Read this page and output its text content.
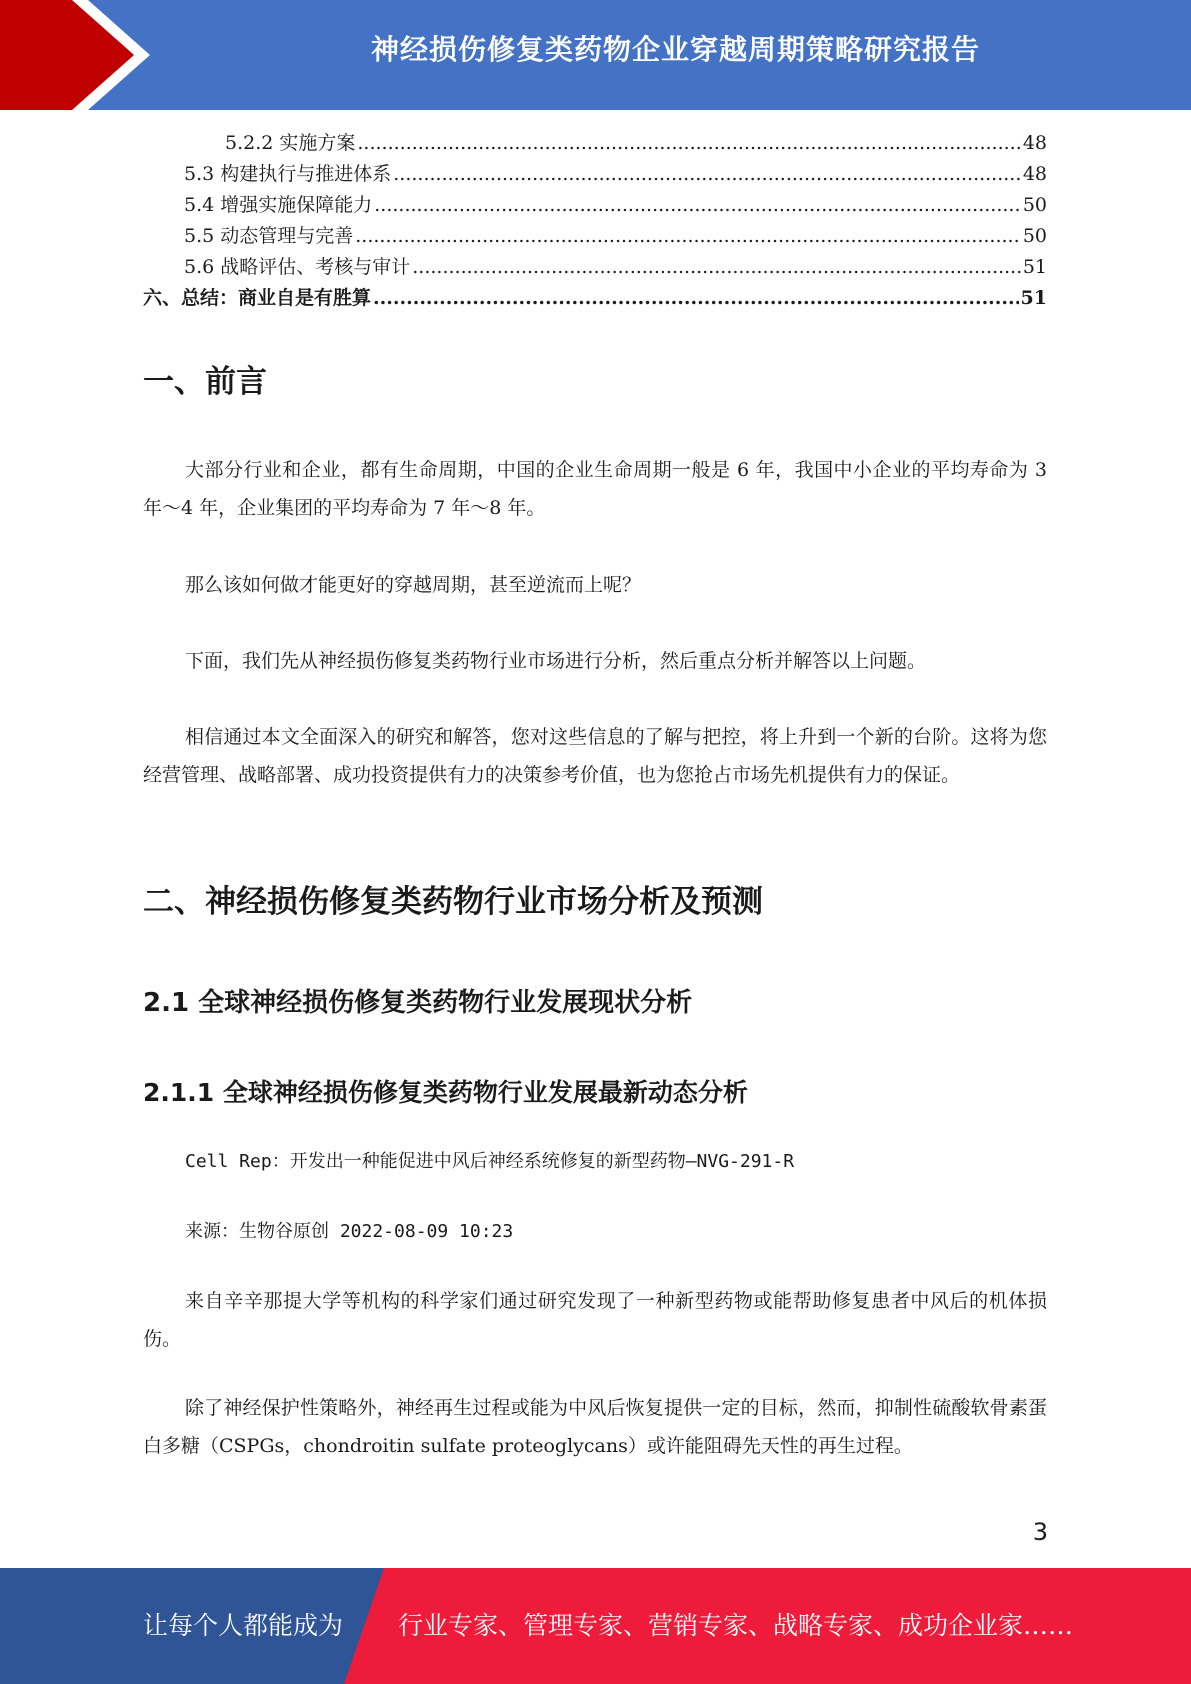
神经损伤修复类药物企业穿越周期策略研究报告
5.2.2 实施方案 .....	48
5.3 构建执行与推进体系 .....	48
5.4 增强实施保障能力 .....	50
5.5 动态管理与完善 .....	50
5.6 战略评估、考核与审计 .....	51
六、总结：商业自是有胜算 .....	51
一、前言

大部分行业和企业，都有生命周期，中国的企业生命周期一般是 6 年，我国中小企业的平均寿命为 3 年～4 年，企业集团的平均寿命为 7 年～8 年。

那么该如何做才能更好的穿越周期，甚至逆流而上呢？

下面，我们先从神经损伤修复类药物行业市场进行分析，然后重点分析并解答以上问题。

相信通过本文全面深入的研究和解答，您对这些信息的了解与把控，将上升到一个新的台阶。这将为您经营管理、战略部署、成功投资提供有力的决策参考价值，也为您抢占市场先机提供有力的保证。

二、神经损伤修复类药物行业市场分析及预测
2.1 全球神经损伤修复类药物行业发展现状分析
2.1.1 全球神经损伤修复类药物行业发展最新动态分析

Cell Rep：开发出一种能促进中风后神经系统修复的新型药物—NVG-291-R

来源：生物谷原创 2022-08-09 10:23

来自辛辛那提大学等机构的科学家们通过研究发现了一种新型药物或能帮助修复患者中风后的机体损伤。

除了神经保护性策略外，神经再生过程或能为中风后恢复提供一定的目标，然而，抑制性硫酸软骨素蛋白多糖（CSPGs，chondroitin sulfate proteoglycans）或许能阻碍先天性的再生过程。

3
让每个人都能成为 行业专家、管理专家、营销专家、战略专家、成功企业家……
